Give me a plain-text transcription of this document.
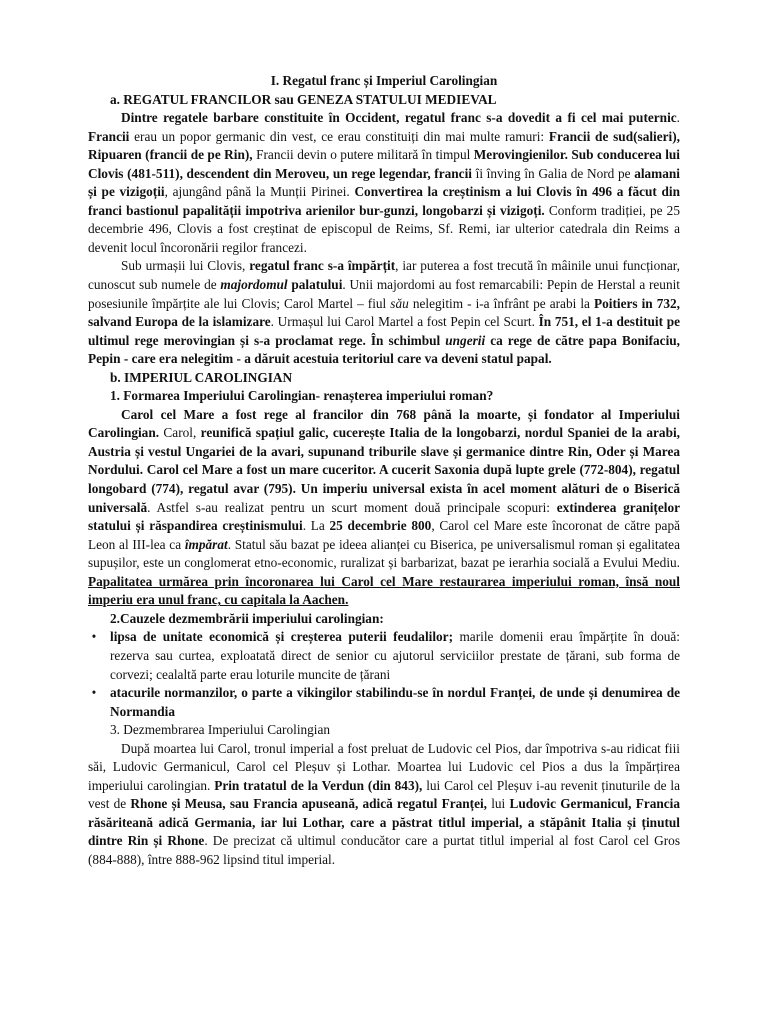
I. Regatul franc și Imperiul Carolingian

a. REGATUL FRANCILOR sau GENEZA STATULUI MEDIEVAL

Dintre regatele barbare constituite în Occident, regatul franc s-a dovedit a fi cel mai puternic. Francii erau un popor germanic din vest, ce erau constituiți din mai multe ramuri: Francii de sud(salieri), Ripuaren (francii de pe Rin), Francii devin o putere militară în timpul Merovingienilor. Sub conducerea lui Clovis (481-511), descendent din Meroveu, un rege legendar, francii îi înving în Galia de Nord pe alamani și pe vizigoții, ajungând până la Munții Pirinei. Convertirea la creștinism a lui Clovis în 496 a făcut din franci bastionul papalității impotriva arienilor bur-gunzi, longobarzi și vizigoți. Conform tradiției, pe 25 decembrie 496, Clovis a fost creștinat de episcopul de Reims, Sf. Remi, iar ulterior catedrala din Reims a devenit locul încoronării regilor francezi.

Sub urmașii lui Clovis, regatul franc s-a împărțit, iar puterea a fost trecută în mâinile unui funcționar, cunoscut sub numele de majordomul palatului. Unii majordomi au fost remarcabili: Pepin de Herstal a reunit posesiunile împărțite ale lui Clovis; Carol Martel – fiul său nelegitim - i-a înfrânt pe arabi la Poitiers in 732, salvand Europa de la islamizare. Urmașul lui Carol Martel a fost Pepin cel Scurt. În 751, el 1-a destituit pe ultimul rege merovingian și s-a proclamat rege. În schimbul ungerii ca rege de către papa Bonifaciu, Pepin - care era nelegitim - a dăruit acestuia teritoriul care va deveni statul papal.

b. IMPERIUL CAROLINGIAN

1. Formarea Imperiului Carolingian- renașterea imperiului roman?

Carol cel Mare a fost rege al francilor din 768 până la moarte, și fondator al Imperiului Carolingian. Carol, reunifică spațiul galic, cucerește Italia de la longobarzi, nordul Spaniei de la arabi, Austria și vestul Ungariei de la avari, supunand triburile slave și germanice dintre Rin, Oder și Marea Nordului. Carol cel Mare a fost un mare cuceritor. A cucerit Saxonia după lupte grele (772-804), regatul longobard (774), regatul avar (795). Un imperiu universal exista în acel moment alături de o Biserică universală. Astfel s-au realizat pentru un scurt moment două principale scopuri: extinderea granițelor statului și răspandirea creștinismului. La 25 decembrie 800, Carol cel Mare este încoronat de către papă Leon al III-lea ca împărat. Statul său bazat pe ideea alianței cu Biserica, pe universalismul roman și egalitatea supușilor, este un conglomerat etno-economic, ruralizat și barbarizat, bazat pe ierarhia socială a Evului Mediu. Papalitatea urmărea prin încoronarea lui Carol cel Mare restaurarea imperiului roman, însă noul imperiu era unul franc, cu capitala la Aachen.

2.Cauzele dezmembrării imperiului carolingian:

• lipsa de unitate economică și creșterea puterii feudalilor; marile domenii erau împărțite în două: rezerva sau curtea, exploatată direct de senior cu ajutorul serviciilor prestate de țărani, sub forma de corvezi; cealaltă parte erau loturile muncite de țărani
• atacurile normanzilor, o parte a vikingilor stabilindu-se în nordul Franței, de unde și denumirea de Normandia

3. Dezmembrarea Imperiului Carolingian

După moartea lui Carol, tronul imperial a fost preluat de Ludovic cel Pios, dar împotriva s-au ridicat fiii săi, Ludovic Germanicul, Carol cel Pleșuv și Lothar. Moartea lui Ludovic cel Pios a dus la împărțirea imperiului carolingian. Prin tratatul de la Verdun (din 843), lui Carol cel Pleșuv i-au revenit ținuturile de la vest de Rhone și Meusa, sau Francia apuseană, adică regatul Franței, lui Ludovic Germanicul, Francia răsăriteană adică Germania, iar lui Lothar, care a păstrat titlul imperial, a stăpânit Italia și ținutul dintre Rin și Rhone. De precizat că ultimul conducător care a purtat titlul imperial al fost Carol cel Gros (884-888), între 888-962 lipsind titul imperial.
